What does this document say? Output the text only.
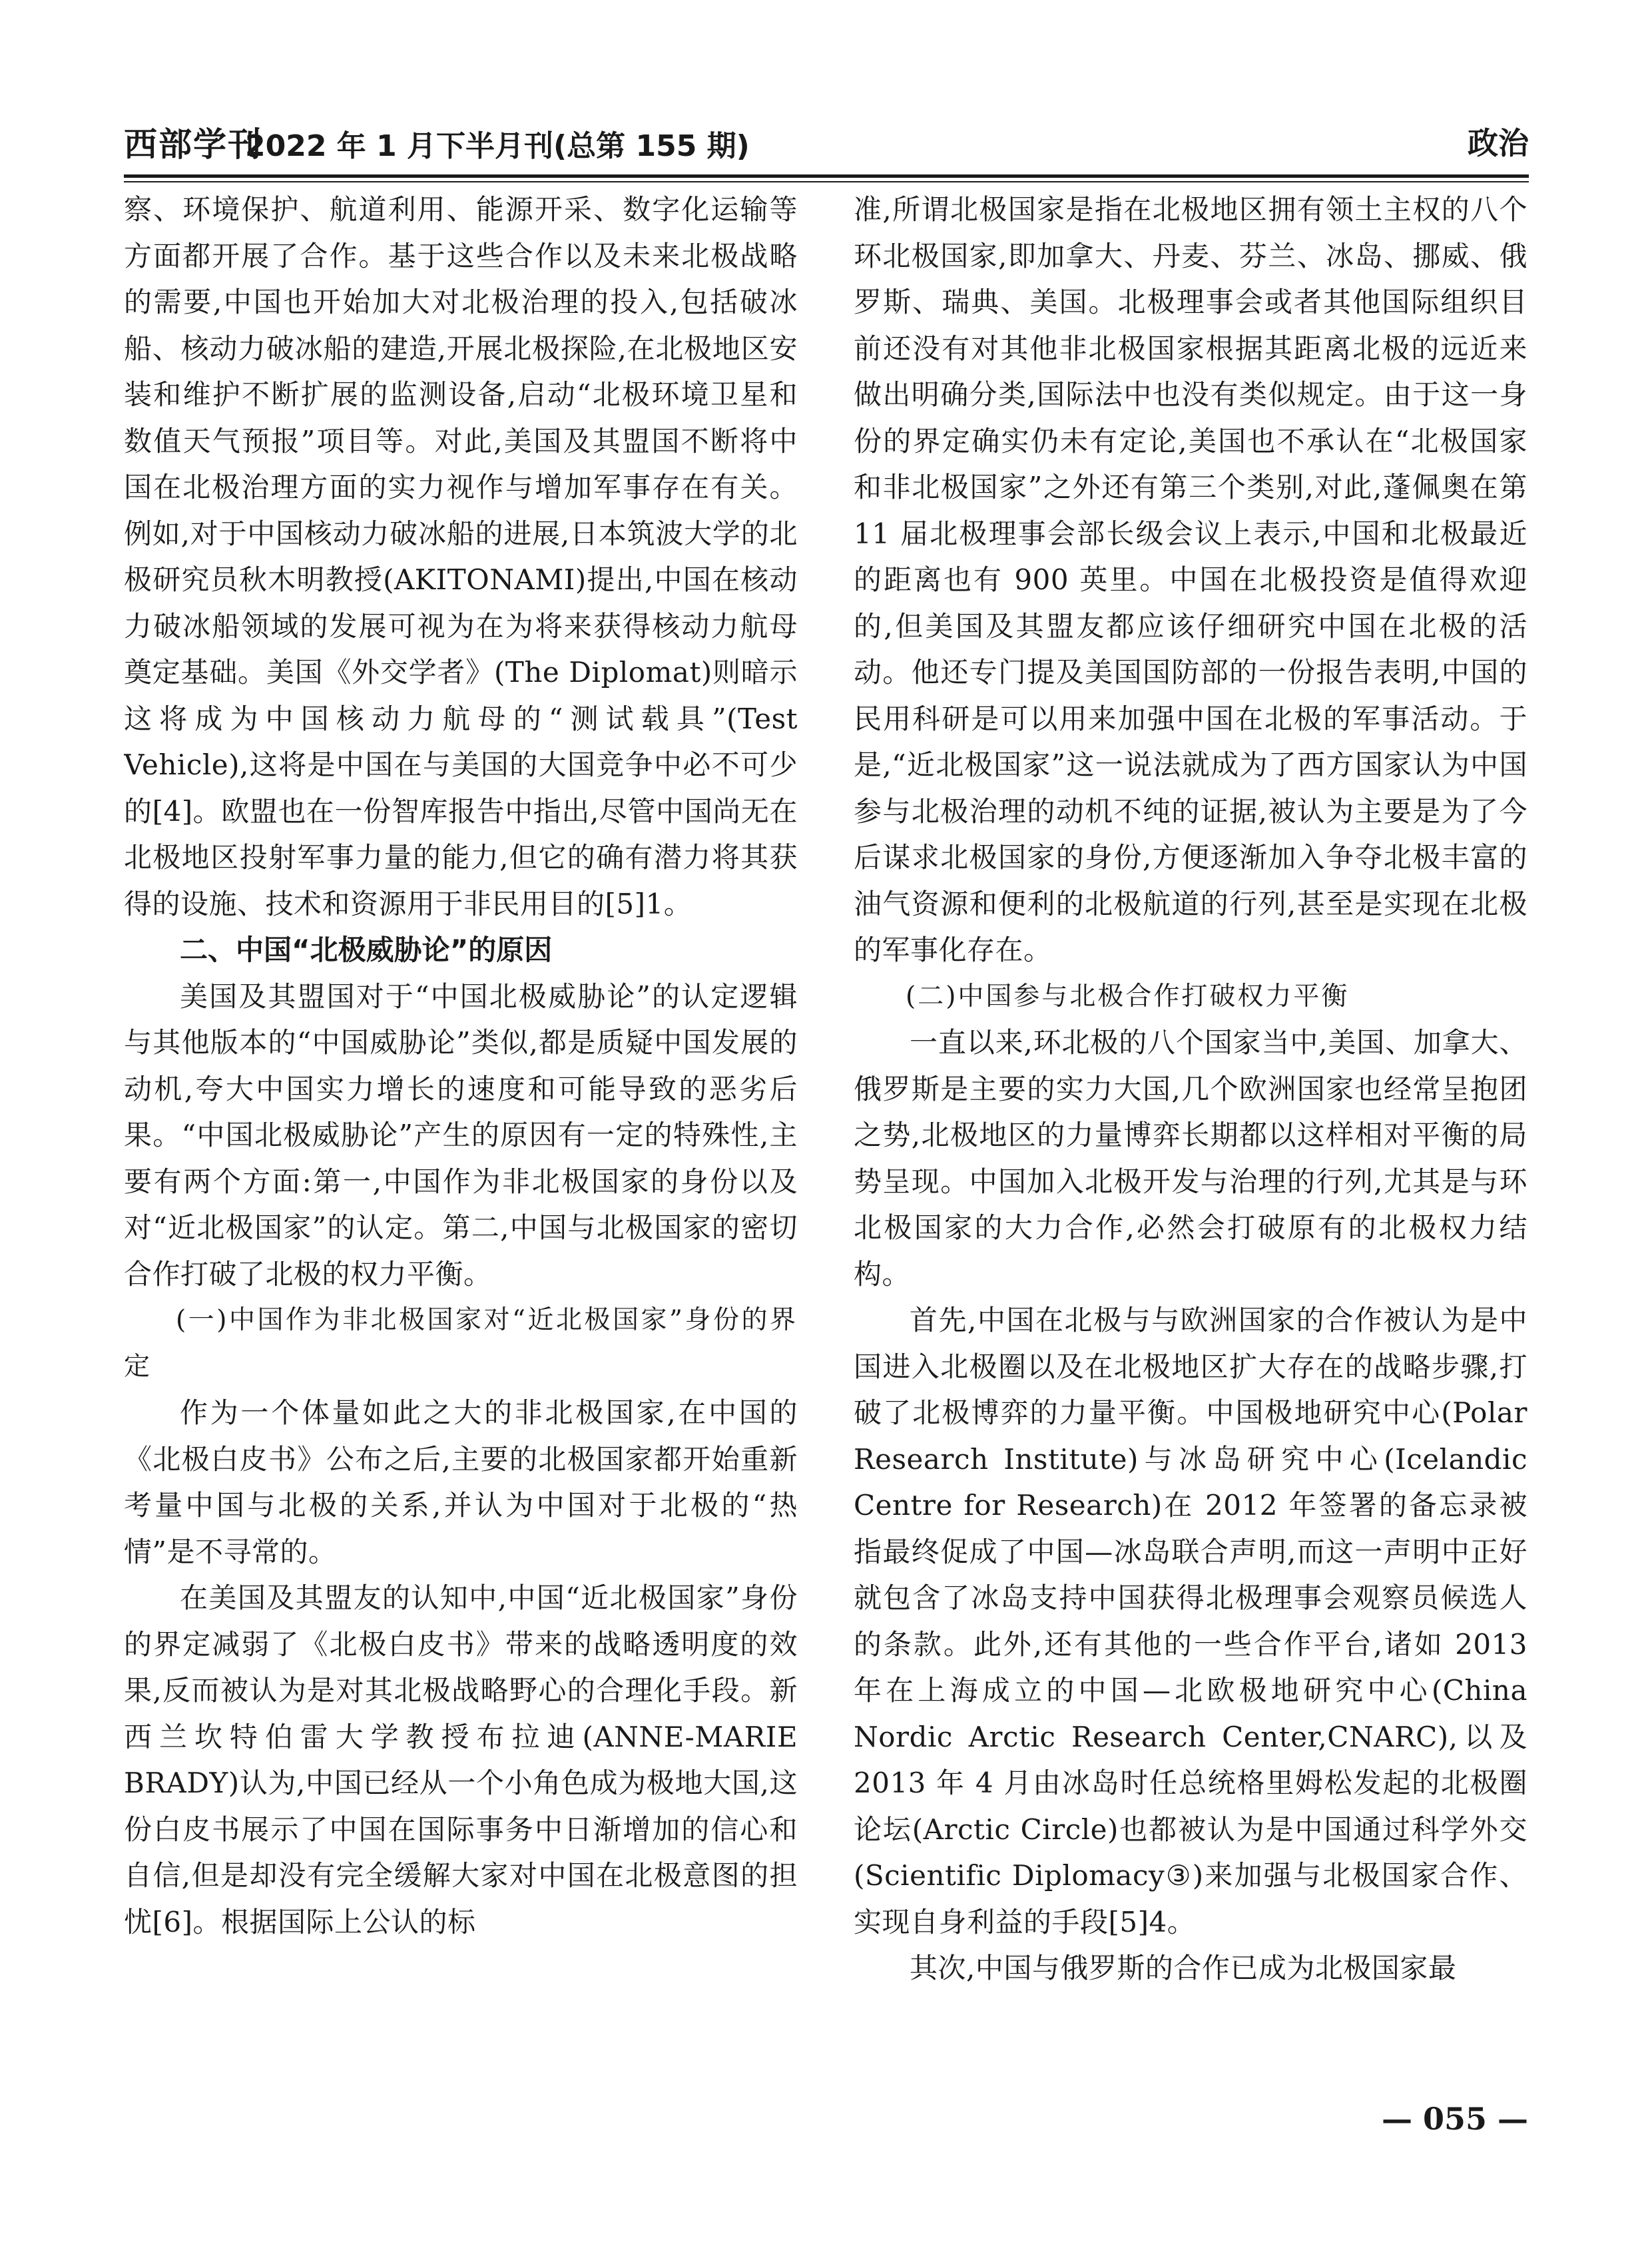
西部学刊
2022 年 1 月下半月刊(总第 155 期)	政治

察、环境保护、航道利用、能源开采、数字化运输等方面都开展了合作。基于这些合作以及未来北极战略的需要,中国也开始加大对北极治理的投入,包括破冰船、核动力破冰船的建造,开展北极探险,在北极地区安装和维护不断扩展的监测设备,启动“北极环境卫星和数值天气预报”项目等。对此,美国及其盟国不断将中国在北极治理方面的实力视作与增加军事存在有关。例如,对于中国核动力破冰船的进展,日本筑波大学的北极研究员秋木明教授(AKITONAMI)提出,中国在核动力破冰船领域的发展可视为在为将来获得核动力航母奠定基础。美国《外交学者》(The Diplomat)则暗示这将成为中国核动力航母的“测试载具”(Test Vehicle),这将是中国在与美国的大国竞争中必不可少的[4]。欧盟也在一份智库报告中指出,尽管中国尚无在北极地区投射军事力量的能力,但它的确有潜力将其获得的设施、技术和资源用于非民用目的[5]1。

二、中国“北极威胁论”的原因

美国及其盟国对于“中国北极威胁论”的认定逻辑与其他版本的“中国威胁论”类似,都是质疑中国发展的动机,夸大中国实力增长的速度和可能导致的恶劣后果。“中国北极威胁论”产生的原因有一定的特殊性,主要有两个方面:第一,中国作为非北极国家的身份以及对“近北极国家”的认定。第二,中国与北极国家的密切合作打破了北极的权力平衡。

(一)中国作为非北极国家对“近北极国家”身份的界定

作为一个体量如此之大的非北极国家,在中国的《北极白皮书》公布之后,主要的北极国家都开始重新考量中国与北极的关系,并认为中国对于北极的“热情”是不寻常的。

在美国及其盟友的认知中,中国“近北极国家”身份的界定减弱了《北极白皮书》带来的战略透明度的效果,反而被认为是对其北极战略野心的合理化手段。新西兰坎特伯雷大学教授布拉迪(ANNE-MARIE BRADY)认为,中国已经从一个小角色成为极地大国,这份白皮书展示了中国在国际事务中日渐增加的信心和自信,但是却没有完全缓解大家对中国在北极意图的担忧[6]。根据国际上公认的标

准,所谓北极国家是指在北极地区拥有领土主权的八个环北极国家,即加拿大、丹麦、芬兰、冰岛、挪威、俄罗斯、瑞典、美国。北极理事会或者其他国际组织目前还没有对其他非北极国家根据其距离北极的远近来做出明确分类,国际法中也没有类似规定。由于这一身份的界定确实仍未有定论,美国也不承认在“北极国家和非北极国家”之外还有第三个类别,对此,蓬佩奥在第 11 届北极理事会部长级会议上表示,中国和北极最近的距离也有 900 英里。中国在北极投资是值得欢迎的,但美国及其盟友都应该仔细研究中国在北极的活动。他还专门提及美国国防部的一份报告表明,中国的民用科研是可以用来加强中国在北极的军事活动。于是,“近北极国家”这一说法就成为了西方国家认为中国参与北极治理的动机不纯的证据,被认为主要是为了今后谋求北极国家的身份,方便逐渐加入争夺北极丰富的油气资源和便利的北极航道的行列,甚至是实现在北极的军事化存在。

(二)中国参与北极合作打破权力平衡

一直以来,环北极的八个国家当中,美国、加拿大、俄罗斯是主要的实力大国,几个欧洲国家也经常呈抱团之势,北极地区的力量博弈长期都以这样相对平衡的局势呈现。中国加入北极开发与治理的行列,尤其是与环北极国家的大力合作,必然会打破原有的北极权力结构。

首先,中国在北极与与欧洲国家的合作被认为是中国进入北极圈以及在北极地区扩大存在的战略步骤,打破了北极博弈的力量平衡。中国极地研究中心(Polar Research Institute)与冰岛研究中心(Icelandic Centre for Research)在 2012 年签署的备忘录被指最终促成了中国—冰岛联合声明,而这一声明中正好就包含了冰岛支持中国获得北极理事会观察员候选人的条款。此外,还有其他的一些合作平台,诸如 2013 年在上海成立的中国—北欧极地研究中心(China Nordic Arctic Research Center,CNARC),以及 2013 年 4 月由冰岛时任总统格里姆松发起的北极圈论坛(Arctic Circle)也都被认为是中国通过科学外交(Scientific Diplomacy③)来加强与北极国家合作、实现自身利益的手段[5]4。

其次,中国与俄罗斯的合作已成为北极国家最

— 055 —
